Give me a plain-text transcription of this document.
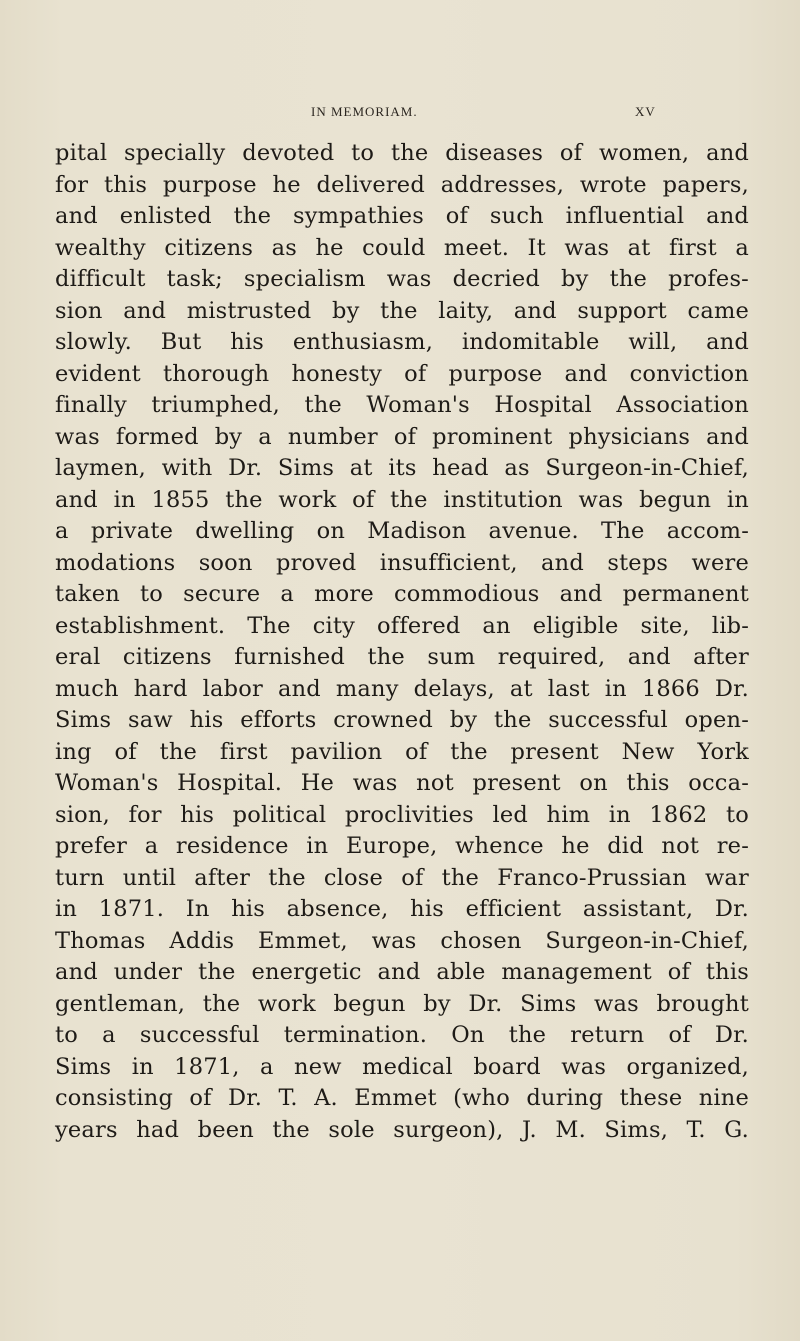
IN MEMORIAM.	XV
pital specially devoted to the diseases of women, and
for this purpose he delivered addresses, wrote papers,
and enlisted the sympathies of such influential and
wealthy citizens as he could meet. It was at first a
difficult task; specialism was decried by the profes-
sion and mistrusted by the laity, and support came
slowly. But his enthusiasm, indomitable will, and
evident thorough honesty of purpose and conviction
finally triumphed, the Woman's Hospital Association
was formed by a number of prominent physicians and
laymen, with Dr. Sims at its head as Surgeon-in-Chief,
and in 1855 the work of the institution was begun in
a private dwelling on Madison avenue. The accom-
modations soon proved insufficient, and steps were
taken to secure a more commodious and permanent
establishment. The city offered an eligible site, lib-
eral citizens furnished the sum required, and after
much hard labor and many delays, at last in 1866 Dr.
Sims saw his efforts crowned by the successful open-
ing of the first pavilion of the present New York
Woman's Hospital. He was not present on this occa-
sion, for his political proclivities led him in 1862 to
prefer a residence in Europe, whence he did not re-
turn until after the close of the Franco-Prussian war
in 1871. In his absence, his efficient assistant, Dr.
Thomas Addis Emmet, was chosen Surgeon-in-Chief,
and under the energetic and able management of this
gentleman, the work begun by Dr. Sims was brought
to a successful termination. On the return of Dr.
Sims in 1871, a new medical board was organized,
consisting of Dr. T. A. Emmet (who during these nine
years had been the sole surgeon), J. M. Sims, T. G.
